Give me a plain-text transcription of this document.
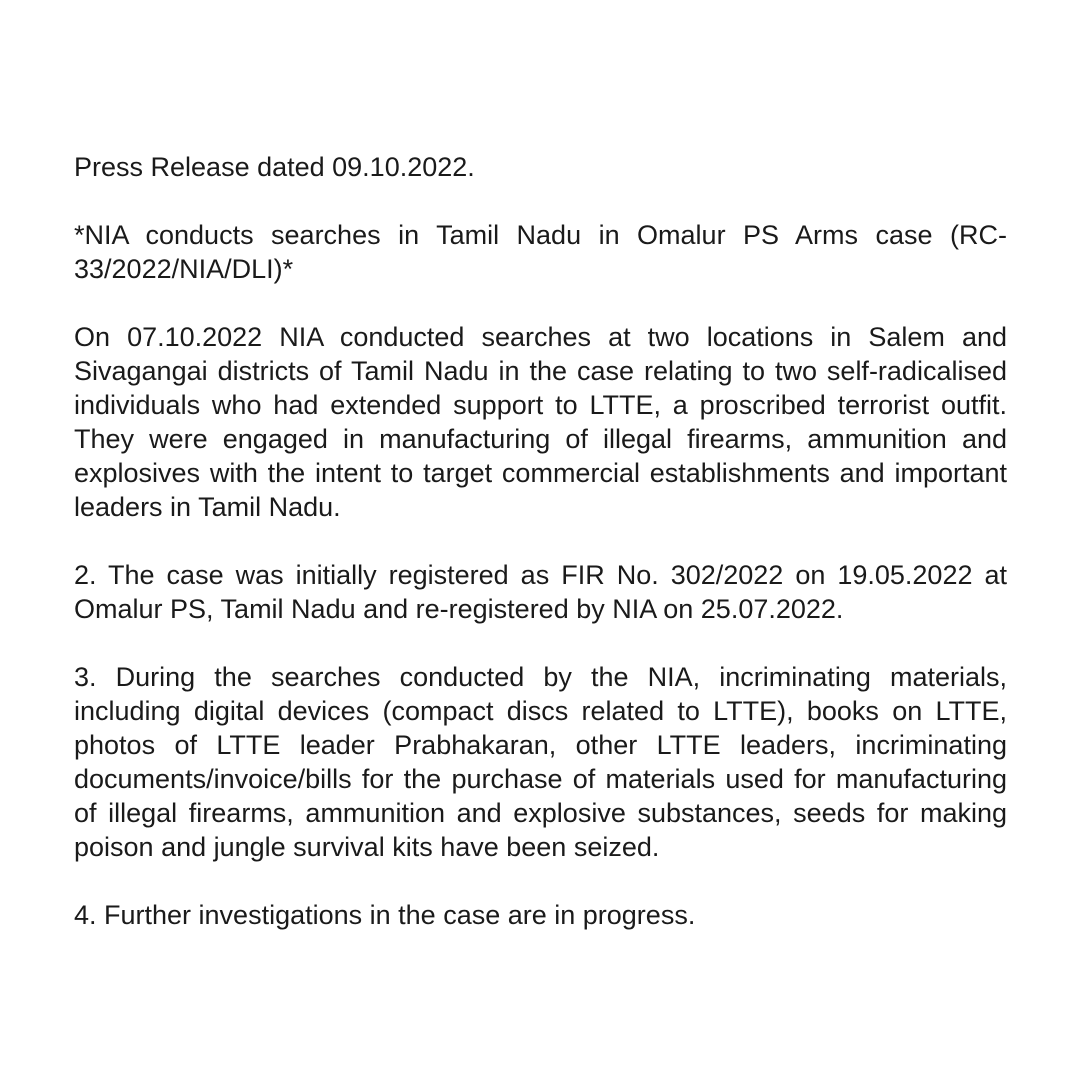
Press Release dated 09.10.2022.

*NIA conducts searches in Tamil Nadu in Omalur PS Arms case (RC-33/2022/NIA/DLI)*

On 07.10.2022 NIA conducted searches at two locations in Salem and Sivagangai districts of Tamil Nadu in the case relating to two self-radicalised individuals who had extended support to LTTE, a proscribed terrorist outfit. They were engaged in manufacturing of illegal firearms, ammunition and explosives with the intent to target commercial establishments and important leaders in Tamil Nadu.

2. The case was initially registered as FIR No. 302/2022 on 19.05.2022 at Omalur PS, Tamil Nadu and re-registered by NIA on 25.07.2022.

3. During the searches conducted by the NIA, incriminating materials, including digital devices (compact discs related to LTTE), books on LTTE, photos of LTTE leader Prabhakaran, other LTTE leaders, incriminating documents/invoice/bills for the purchase of materials used for manufacturing of illegal firearms, ammunition and explosive substances, seeds for making poison and jungle survival kits have been seized.

4. Further investigations in the case are in progress.
